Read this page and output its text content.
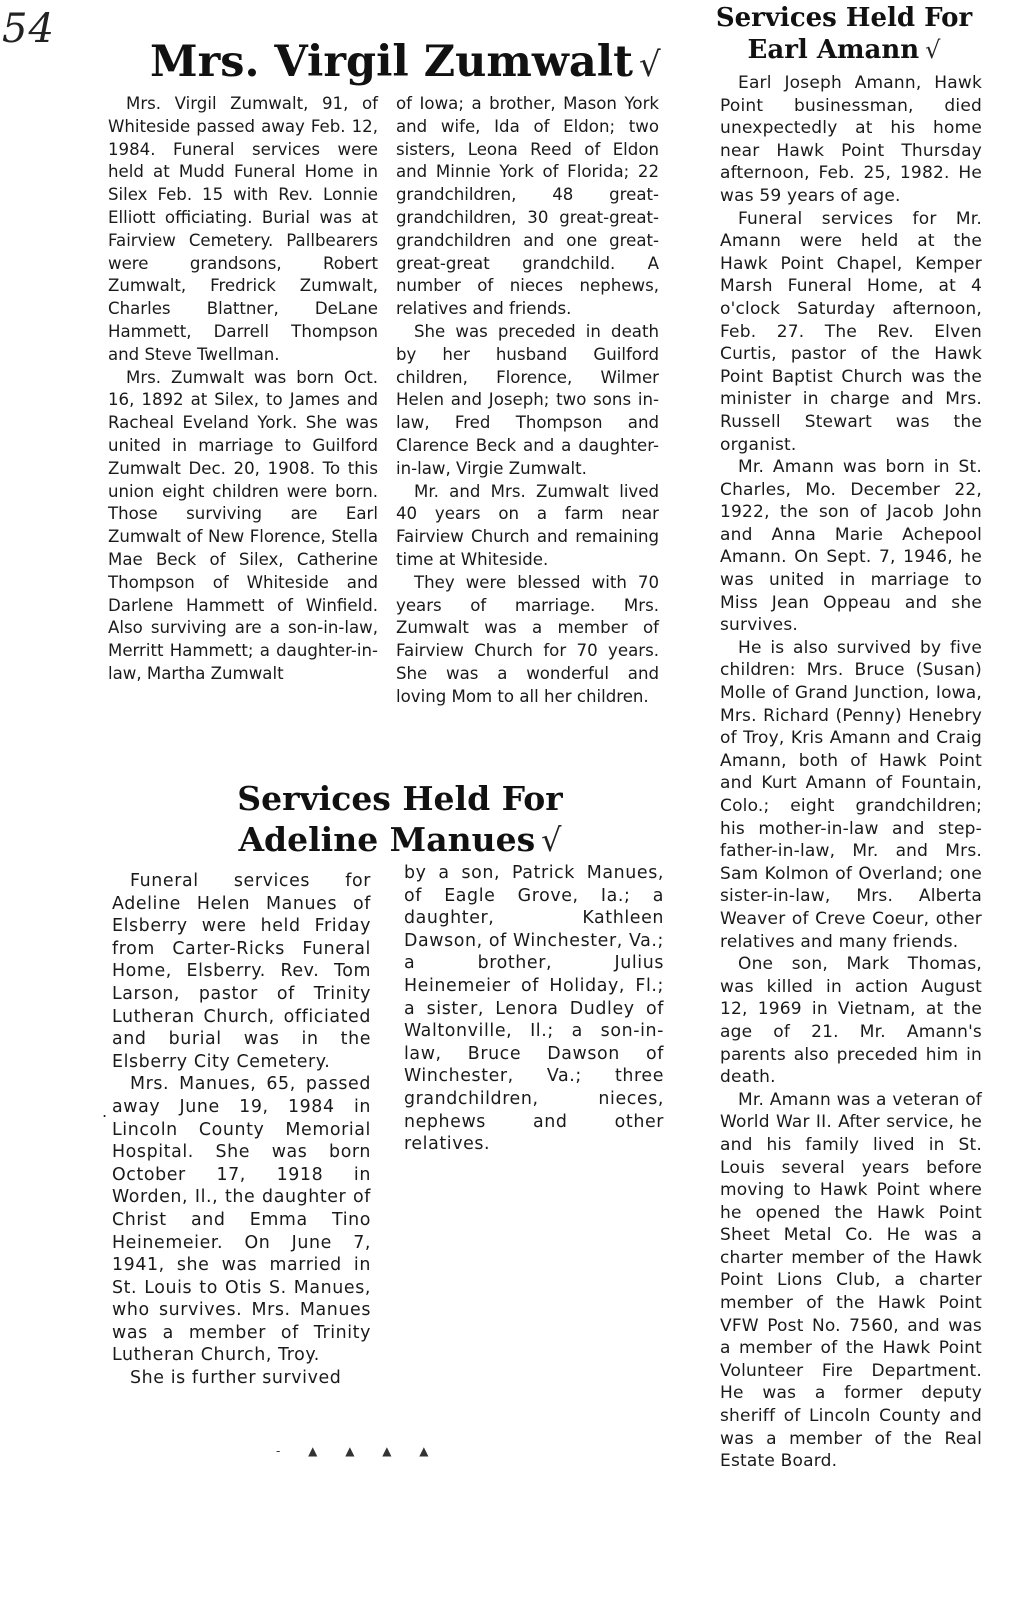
54
Mrs. Virgil Zumwalt √

Mrs. Virgil Zumwalt, 91, of Whiteside passed away Feb. 12, 1984. Funeral services were held at Mudd Funeral Home in Silex Feb. 15 with Rev. Lonnie Elliott officiating. Burial was at Fairview Cemetery. Pallbearers were grandsons, Robert Zumwalt, Fredrick Zumwalt, Charles Blattner, DeLane Hammett, Darrell Thompson and Steve Twellman.

Mrs. Zumwalt was born Oct. 16, 1892 at Silex, to James and Racheal Eveland York. She was united in marriage to Guilford Zumwalt Dec. 20, 1908. To this union eight children were born. Those surviving are Earl Zumwalt of New Florence, Stella Mae Beck of Silex, Catherine Thompson of Whiteside and Darlene Hammett of Winfield. Also surviving are a son-in-law, Merritt Hammett; a daughter-in-law, Martha Zumwalt

of Iowa; a brother, Mason York and wife, Ida of Eldon; two sisters, Leona Reed of Eldon and Minnie York of Florida; 22 grandchildren, 48 great-grandchildren, 30 great-great-grandchildren and one great-great-great grandchild. A number of nieces nephews, relatives and friends.

She was preceded in death by her husband Guilford children, Florence, Wilmer Helen and Joseph; two sons in-law, Fred Thompson and Clarence Beck and a daughter-in-law, Virgie Zumwalt.

Mr. and Mrs. Zumwalt lived 40 years on a farm near Fairview Church and remaining time at Whiteside.

They were blessed with 70 years of marriage. Mrs. Zumwalt was a member of Fairview Church for 70 years. She was a wonderful and loving Mom to all her children.

Services Held For
Adeline Manues √
.

Funeral services for Adeline Helen Manues of Elsberry were held Friday from Carter-Ricks Funeral Home, Elsberry. Rev. Tom Larson, pastor of Trinity Lutheran Church, officiated and burial was in the Elsberry City Cemetery.

Mrs. Manues, 65, passed away June 19, 1984 in Lincoln County Memorial Hospital. She was born October 17, 1918 in Worden, Il., the daughter of Christ and Emma Tino Heinemeier. On June 7, 1941, she was married in St. Louis to Otis S. Manues, who survives. Mrs. Manues was a member of Trinity Lutheran Church, Troy.

She is further survived

- ▲ ▲ ▲ ▲

by a son, Patrick Manues, of Eagle Grove, Ia.; a daughter, Kathleen Dawson, of Winchester, Va.; a brother, Julius Heinemeier of Holiday, Fl.; a sister, Lenora Dudley of Waltonville, Il.; a son-in-law, Bruce Dawson of Winchester, Va.; three grandchildren, nieces, nephews and other relatives.

Services Held For
Earl Amann √

Earl Joseph Amann, Hawk Point businessman, died unexpectedly at his home near Hawk Point Thursday afternoon, Feb. 25, 1982. He was 59 years of age.

Funeral services for Mr. Amann were held at the Hawk Point Chapel, Kemper Marsh Funeral Home, at 4 o'clock Saturday afternoon, Feb. 27. The Rev. Elven Curtis, pastor of the Hawk Point Baptist Church was the minister in charge and Mrs. Russell Stewart was the organist.

Mr. Amann was born in St. Charles, Mo. December 22, 1922, the son of Jacob John and Anna Marie Achepool Amann. On Sept. 7, 1946, he was united in marriage to Miss Jean Oppeau and she survives.

He is also survived by five children: Mrs. Bruce (Susan) Molle of Grand Junction, Iowa, Mrs. Richard (Penny) Henebry of Troy, Kris Amann and Craig Amann, both of Hawk Point and Kurt Amann of Fountain, Colo.; eight grandchildren; his mother-in-law and step-father-in-law, Mr. and Mrs. Sam Kolmon of Overland; one sister-in-law, Mrs. Alberta Weaver of Creve Coeur, other relatives and many friends.

One son, Mark Thomas, was killed in action August 12, 1969 in Vietnam, at the age of 21. Mr. Amann's parents also preceded him in death.

Mr. Amann was a veteran of World War II. After service, he and his family lived in St. Louis several years before moving to Hawk Point where he opened the Hawk Point Sheet Metal Co. He was a charter member of the Hawk Point Lions Club, a charter member of the Hawk Point VFW Post No. 7560, and was a member of the Hawk Point Volunteer Fire Department. He was a former deputy sheriff of Lincoln County and was a member of the Real Estate Board.
